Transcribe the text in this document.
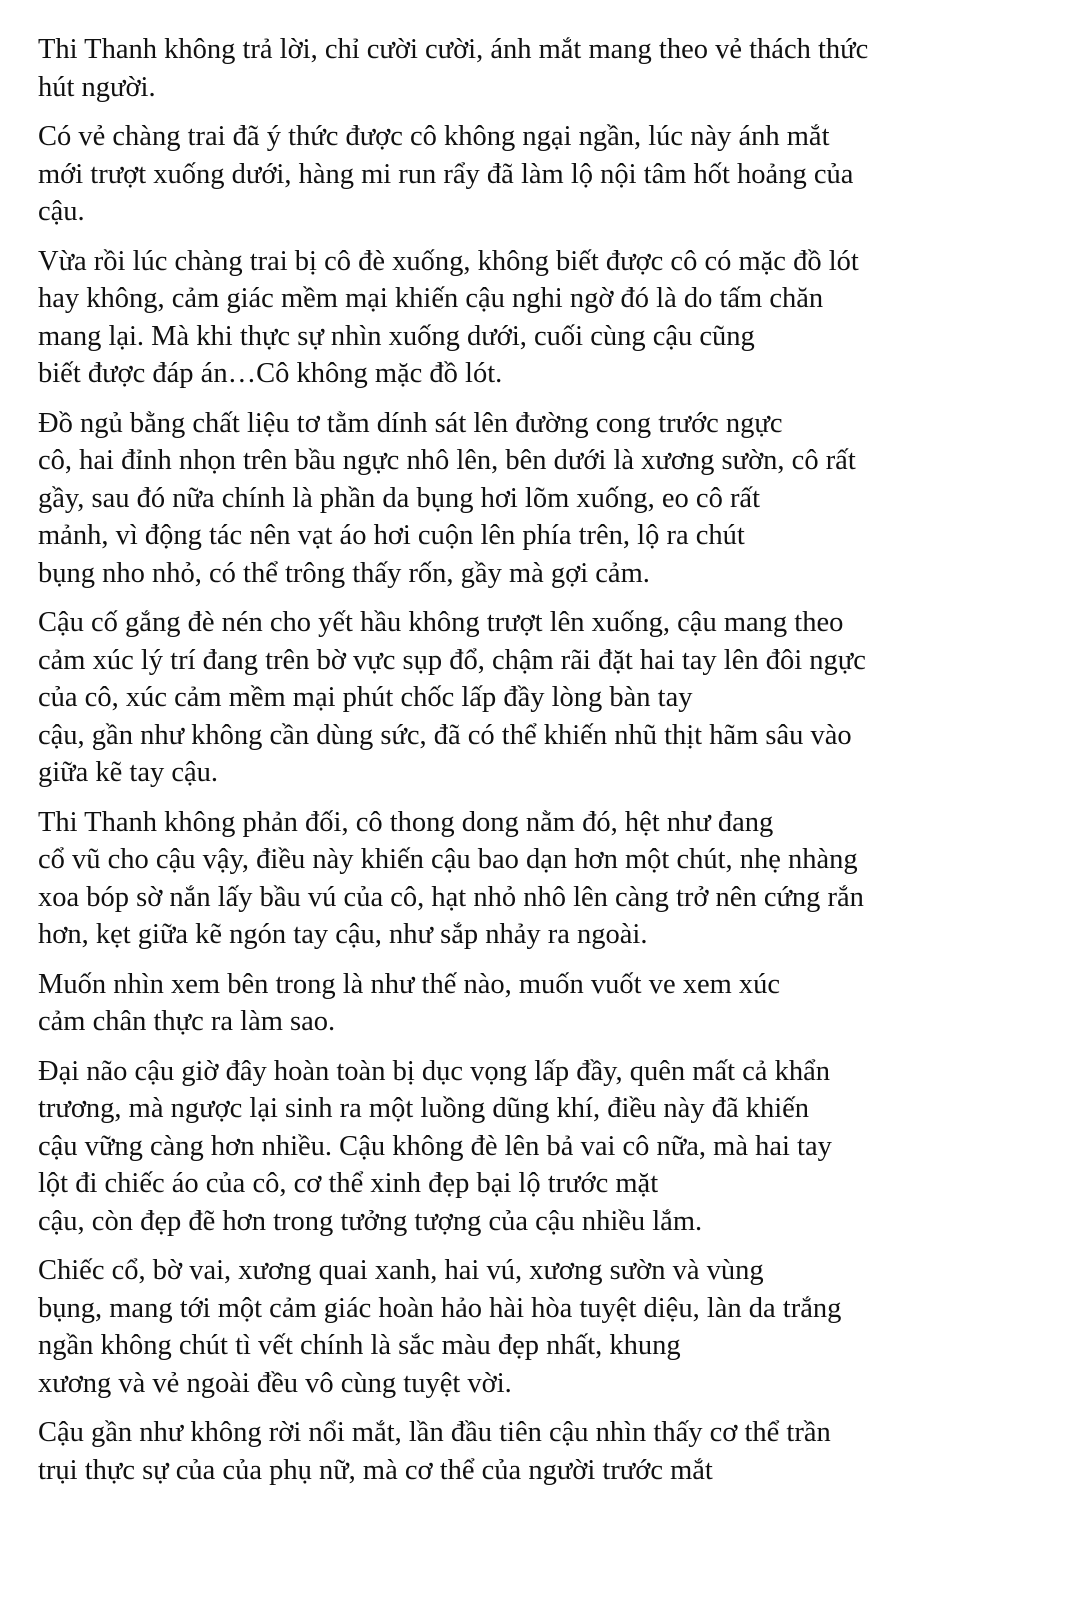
Thi Thanh không trả lời, chỉ cười cười, ánh mắt mang theo vẻ thách thức
hút người.

Có vẻ chàng trai đã ý thức được cô không ngại ngần, lúc này ánh mắt
mới trượt xuống dưới, hàng mi run rẩy đã làm lộ nội tâm hốt hoảng của
cậu.

Vừa rồi lúc chàng trai bị cô đè xuống, không biết được cô có mặc đồ lót
hay không, cảm giác mềm mại khiến cậu nghi ngờ đó là do tấm chăn
mang lại. Mà khi thực sự nhìn xuống dưới, cuối cùng cậu cũng
biết được đáp án…Cô không mặc đồ lót.

Đồ ngủ bằng chất liệu tơ tằm dính sát lên đường cong trước ngực
cô, hai đỉnh nhọn trên bầu ngực nhô lên, bên dưới là xương sườn, cô rất
gầy, sau đó nữa chính là phần da bụng hơi lõm xuống, eo cô rất
mảnh, vì động tác nên vạt áo hơi cuộn lên phía trên, lộ ra chút
bụng nho nhỏ, có thể trông thấy rốn, gầy mà gợi cảm.

Cậu cố gắng đè nén cho yết hầu không trượt lên xuống, cậu mang theo
cảm xúc lý trí đang trên bờ vực sụp đổ, chậm rãi đặt hai tay lên đôi ngực
của cô, xúc cảm mềm mại phút chốc lấp đầy lòng bàn tay
cậu, gần như không cần dùng sức, đã có thể khiến nhũ thịt hãm sâu vào
giữa kẽ tay cậu.

Thi Thanh không phản đối, cô thong dong nằm đó, hệt như đang
cổ vũ cho cậu vậy, điều này khiến cậu bao dạn hơn một chút, nhẹ nhàng
xoa bóp sờ nắn lấy bầu vú của cô, hạt nhỏ nhô lên càng trở nên cứng rắn
hơn, kẹt giữa kẽ ngón tay cậu, như sắp nhảy ra ngoài.

Muốn nhìn xem bên trong là như thế nào, muốn vuốt ve xem xúc
cảm chân thực ra làm sao.

Đại não cậu giờ đây hoàn toàn bị dục vọng lấp đầy, quên mất cả khẩn
trương, mà ngược lại sinh ra một luồng dũng khí, điều này đã khiến
cậu vững càng hơn nhiều. Cậu không đè lên bả vai cô nữa, mà hai tay
lột đi chiếc áo của cô, cơ thể xinh đẹp bại lộ trước mặt
cậu, còn đẹp đẽ hơn trong tưởng tượng của cậu nhiều lắm.

Chiếc cổ, bờ vai, xương quai xanh, hai vú, xương sườn và vùng
bụng, mang tới một cảm giác hoàn hảo hài hòa tuyệt diệu, làn da trắng
ngần không chút tì vết chính là sắc màu đẹp nhất, khung
xương và vẻ ngoài đều vô cùng tuyệt vời.

Cậu gần như không rời nổi mắt, lần đầu tiên cậu nhìn thấy cơ thể trần
trụi thực sự của của phụ nữ, mà cơ thể của người trước mắt
